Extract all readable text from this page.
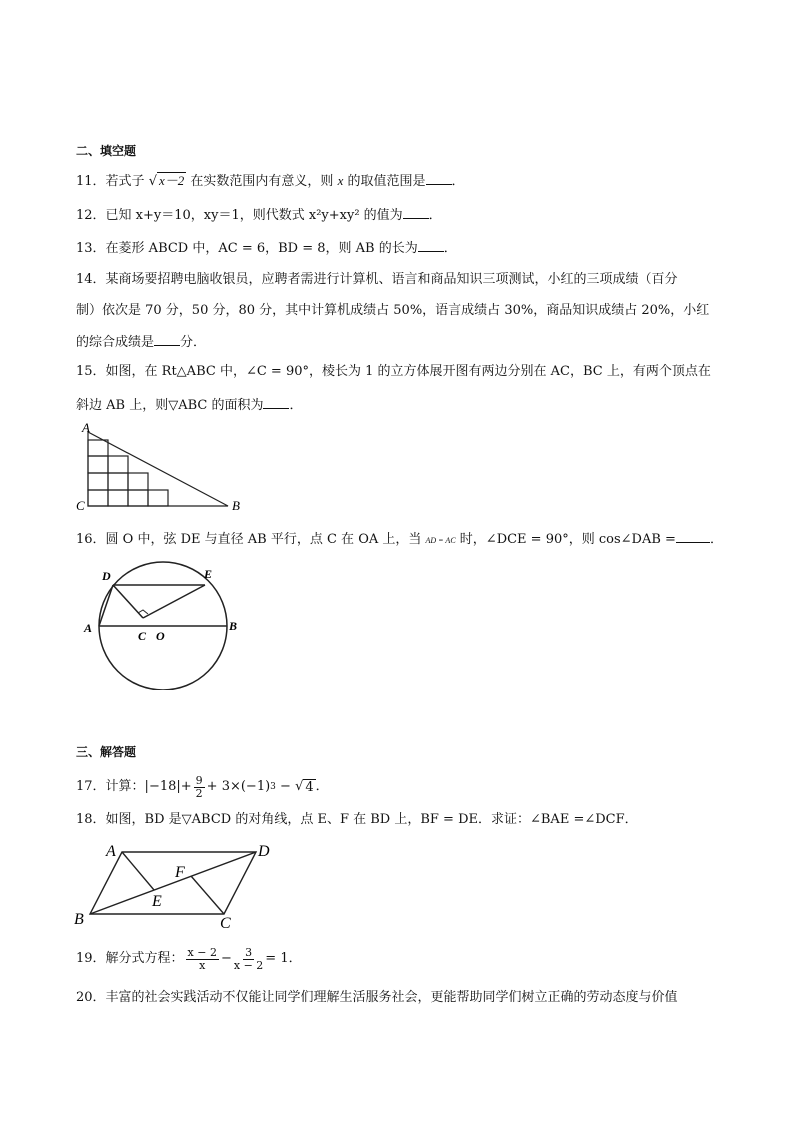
二、填空题
11．若式子 √ x－2 在实数范围内有意义，则 x 的取值范围是 ．
12．已知 x+y＝10，xy＝1，则代数式 x²y+xy² 的值为 ．
13．在菱形 ABCD 中，AC = 6，BD = 8，则 AB 的长为 ．
14．某商场要招聘电脑收银员，应聘者需进行计算机、语言和商品知识三项测试，小红的三项成绩（百分
制）依次是 70 分，50 分，80 分，其中计算机成绩占 50%，语言成绩占 30%，商品知识成绩占 20%，小红
的综合成绩是 分．
15．如图，在 Rt△ABC 中，∠C = 90°，棱长为 1 的立方体展开图有两边分别在 AC，BC 上，有两个顶点在
斜边 AB 上，则▽ABC 的面积为 ．
A
C	B
16．圆 O 中，弦 DE 与直径 AB 平行，点 C 在 OA 上，当 AD = AC 时，∠DCE = 90°，则 cos∠DAB =	．
D	E
A	B
C O
三、解答题
17．计算： | −18 | + $\frac{9}{2} + 3\times(-1) 3$ − √ 4 ．
18．如图，BD 是▽ABCD 的对角线，点 E、F 在 BD 上，BF = DE．求证：∠BAE =∠DCF．
A	D
B	C
E
F
19．解分式方程： $\frac{x - 2}{x} - \frac{3}{x - 2} = 1$．
20．丰富的社会实践活动不仅能让同学们理解生活服务社会，更能帮助同学们树立正确的劳动态度与价值
